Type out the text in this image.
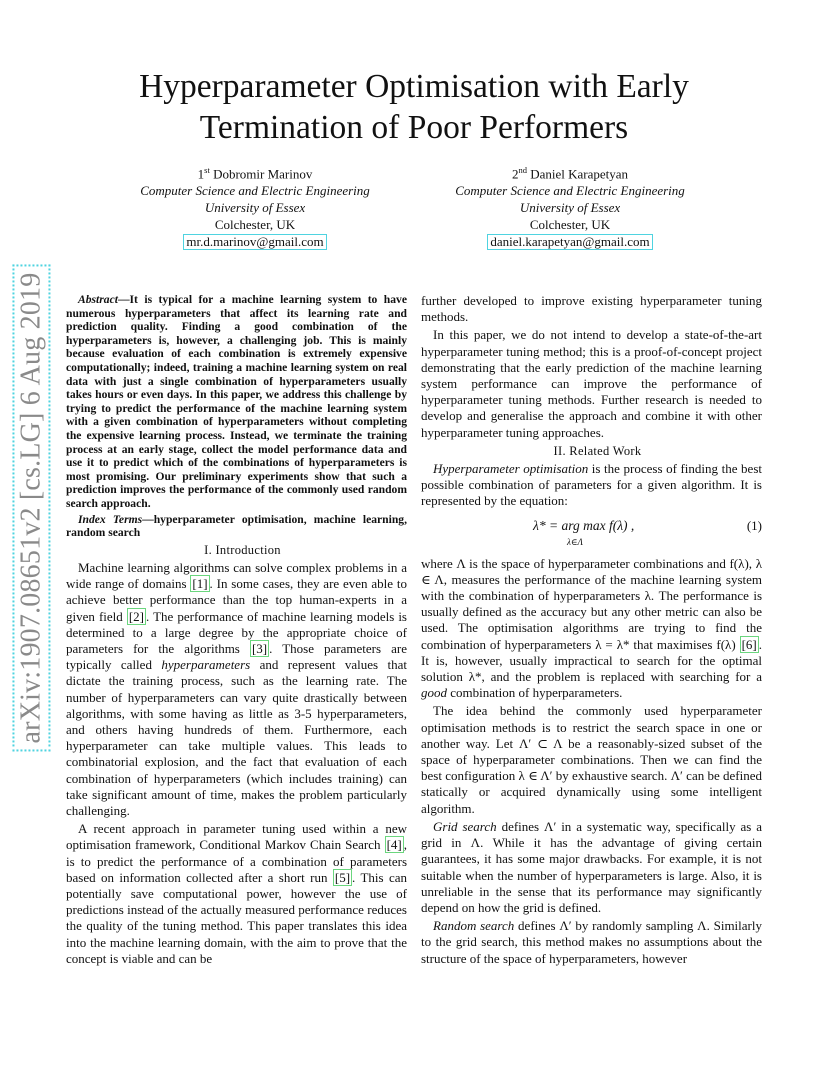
arXiv:1907.08651v2 [cs.LG] 6 Aug 2019
Hyperparameter Optimisation with Early
Termination of Poor Performers
1st Dobromir Marinov
Computer Science and Electric Engineering
University of Essex
Colchester, UK
mr.d.marinov@gmail.com
2nd Daniel Karapetyan
Computer Science and Electric Engineering
University of Essex
Colchester, UK
daniel.karapetyan@gmail.com

Abstract—It is typical for a machine learning system to have numerous hyperparameters that affect its learning rate and prediction quality. Finding a good combination of the hyperparameters is, however, a challenging job. This is mainly because evaluation of each combination is extremely expensive computationally; indeed, training a machine learning system on real data with just a single combination of hyperparameters usually takes hours or even days. In this paper, we address this challenge by trying to predict the performance of the machine learning system with a given combination of hyperparameters without completing the expensive learning process. Instead, we terminate the training process at an early stage, collect the model performance data and use it to predict which of the combinations of hyperparameters is most promising. Our preliminary experiments show that such a prediction improves the performance of the commonly used random search approach.

Index Terms—hyperparameter optimisation, machine learning, random search

I. Introduction

Machine learning algorithms can solve complex problems in a wide range of domains [1] . In some cases, they are even able to achieve better performance than the top human-experts in a given field [2] . The performance of machine learning models is determined to a large degree by the appropriate choice of parameters for the algorithms [3] . Those parameters are typically called hyperparameters and represent values that dictate the training process, such as the learning rate. The number of hyperparameters can vary quite drastically between algorithms, with some having as little as 3-5 hyperparameters, and others having hundreds of them. Furthermore, each hyperparameter can take multiple values. This leads to combinatorial explosion, and the fact that evaluation of each combination of hyperparameters (which includes training) can take significant amount of time, makes the problem particularly challenging.

A recent approach in parameter tuning used within a new optimisation framework, Conditional Markov Chain Search [4] , is to predict the performance of a combination of parameters based on information collected after a short run [5] . This can potentially save computational power, however the use of predictions instead of the actually measured performance reduces the quality of the tuning method. This paper translates this idea into the machine learning domain, with the aim to prove that the concept is viable and can be

further developed to improve existing hyperparameter tuning methods.

In this paper, we do not intend to develop a state-of-the-art hyperparameter tuning method; this is a proof-of-concept project demonstrating that the early prediction of the machine learning system performance can improve the performance of hyperparameter tuning methods. Further research is needed to develop and generalise the approach and combine it with other hyperparameter tuning approaches.

II. Related Work

Hyperparameter optimisation is the process of finding the best possible combination of parameters for a given algorithm. It is represented by the equation:

λ* = arg max f(λ) ,
λ∈Λ
(1)

where Λ is the space of hyperparameter combinations and f(λ), λ ∈ Λ, measures the performance of the machine learning system with the combination of hyperparameters λ. The performance is usually defined as the accuracy but any other metric can also be used. The optimisation algorithms are trying to find the combination of hyperparameters λ = λ* that maximises f(λ) [6] . It is, however, usually impractical to search for the optimal solution λ*, and the problem is replaced with searching for a good combination of hyperparameters.

The idea behind the commonly used hyperparameter optimisation methods is to restrict the search space in one or another way. Let Λ′ ⊂ Λ be a reasonably-sized subset of the space of hyperparameter combinations. Then we can find the best configuration λ ∈ Λ′ by exhaustive search. Λ′ can be defined statically or acquired dynamically using some intelligent algorithm.

Grid search defines Λ′ in a systematic way, specifically as a grid in Λ. While it has the advantage of giving certain guarantees, it has some major drawbacks. For example, it is not suitable when the number of hyperparameters is large. Also, it is unreliable in the sense that its performance may significantly depend on how the grid is defined.

Random search defines Λ′ by randomly sampling Λ. Similarly to the grid search, this method makes no assumptions about the structure of the space of hyperparameters, however
